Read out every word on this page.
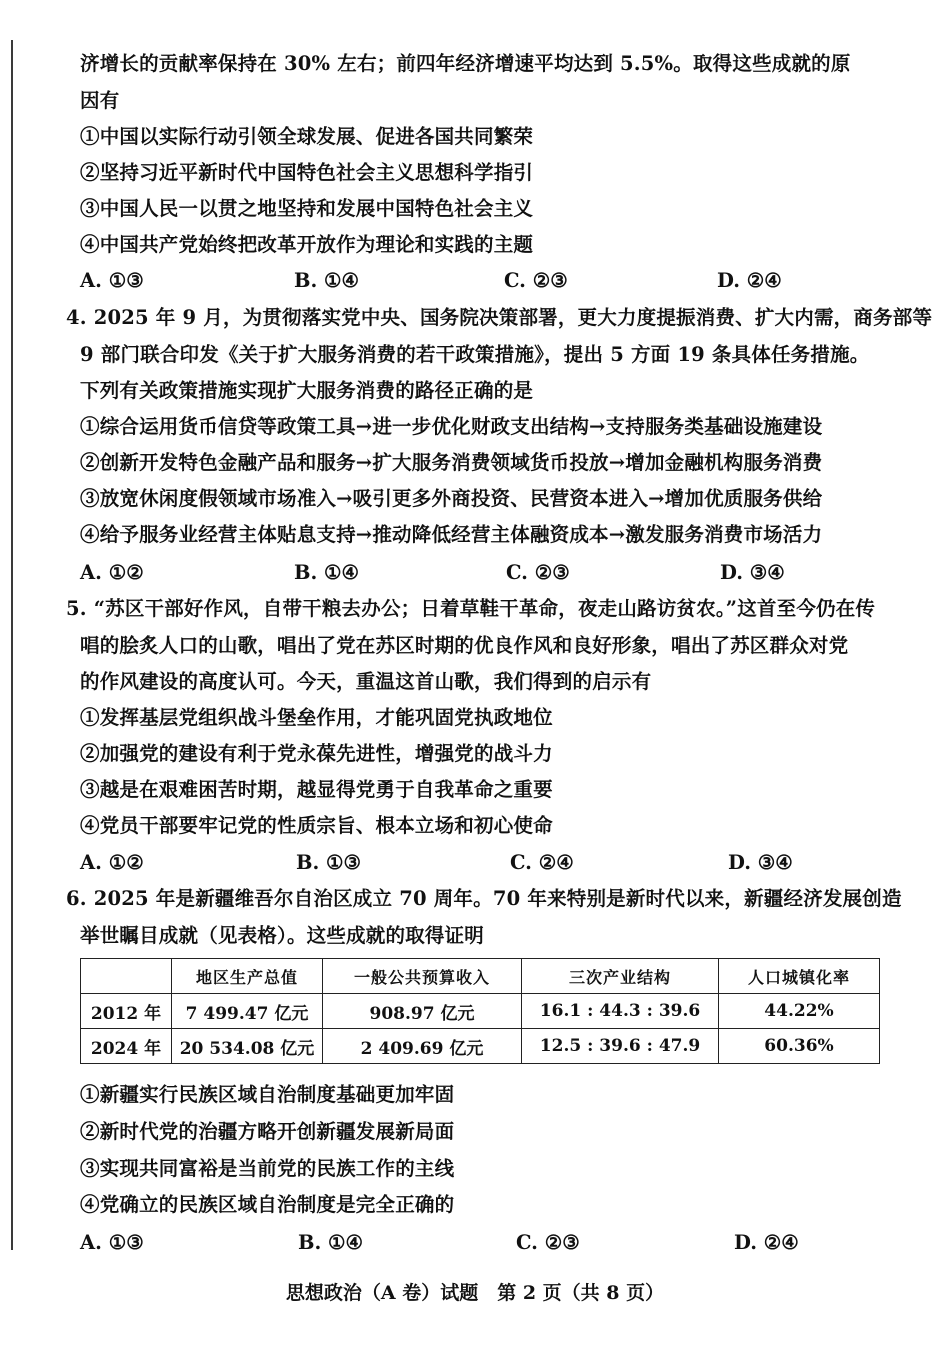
济增长的贡献率保持在 30% 左右；前四年经济增速平均达到 5.5%。取得这些成就的原
因有
①中国以实际行动引领全球发展、促进各国共同繁荣
②坚持习近平新时代中国特色社会主义思想科学指引
③中国人民一以贯之地坚持和发展中国特色社会主义
④中国共产党始终把改革开放作为理论和实践的主题
A. ①③	B. ①④	C. ②③	D. ②④
4. 2025 年 9 月，为贯彻落实党中央、国务院决策部署，更大力度提振消费、扩大内需，商务部等
9 部门联合印发《关于扩大服务消费的若干政策措施》，提出 5 方面 19 条具体任务措施。
下列有关政策措施实现扩大服务消费的路径正确的是
①综合运用货币信贷等政策工具→进一步优化财政支出结构→支持服务类基础设施建设
②创新开发特色金融产品和服务→扩大服务消费领域货币投放→增加金融机构服务消费
③放宽休闲度假领域市场准入→吸引更多外商投资、民营资本进入→增加优质服务供给
④给予服务业经营主体贴息支持→推动降低经营主体融资成本→激发服务消费市场活力
A. ①②	B. ①④	C. ②③	D. ③④
5. “苏区干部好作风，自带干粮去办公；日着草鞋干革命，夜走山路访贫农。”这首至今仍在传
唱的脍炙人口的山歌，唱出了党在苏区时期的优良作风和良好形象，唱出了苏区群众对党
的作风建设的高度认可。今天，重温这首山歌，我们得到的启示有
①发挥基层党组织战斗堡垒作用，才能巩固党执政地位
②加强党的建设有利于党永葆先进性，增强党的战斗力
③越是在艰难困苦时期，越显得党勇于自我革命之重要
④党员干部要牢记党的性质宗旨、根本立场和初心使命
A. ①②	B. ①③	C. ②④	D. ③④
6. 2025 年是新疆维吾尔自治区成立 70 周年。70 年来特别是新时代以来，新疆经济发展创造
举世瞩目成就（见表格）。这些成就的取得证明
	地区生产总值	一般公共预算收入	三次产业结构	人口城镇化率
2012 年	7 499.47 亿元	908.97 亿元	16.1 : 44.3 : 39.6	44.22%
2024 年	20 534.08 亿元	2 409.69 亿元	12.5 : 39.6 : 47.9	60.36%
①新疆实行民族区域自治制度基础更加牢固
②新时代党的治疆方略开创新疆发展新局面
③实现共同富裕是当前党的民族工作的主线
④党确立的民族区域自治制度是完全正确的
A. ①③	B. ①④	C. ②③	D. ②④
思想政治（A 卷）试题　第 2 页（共 8 页）
